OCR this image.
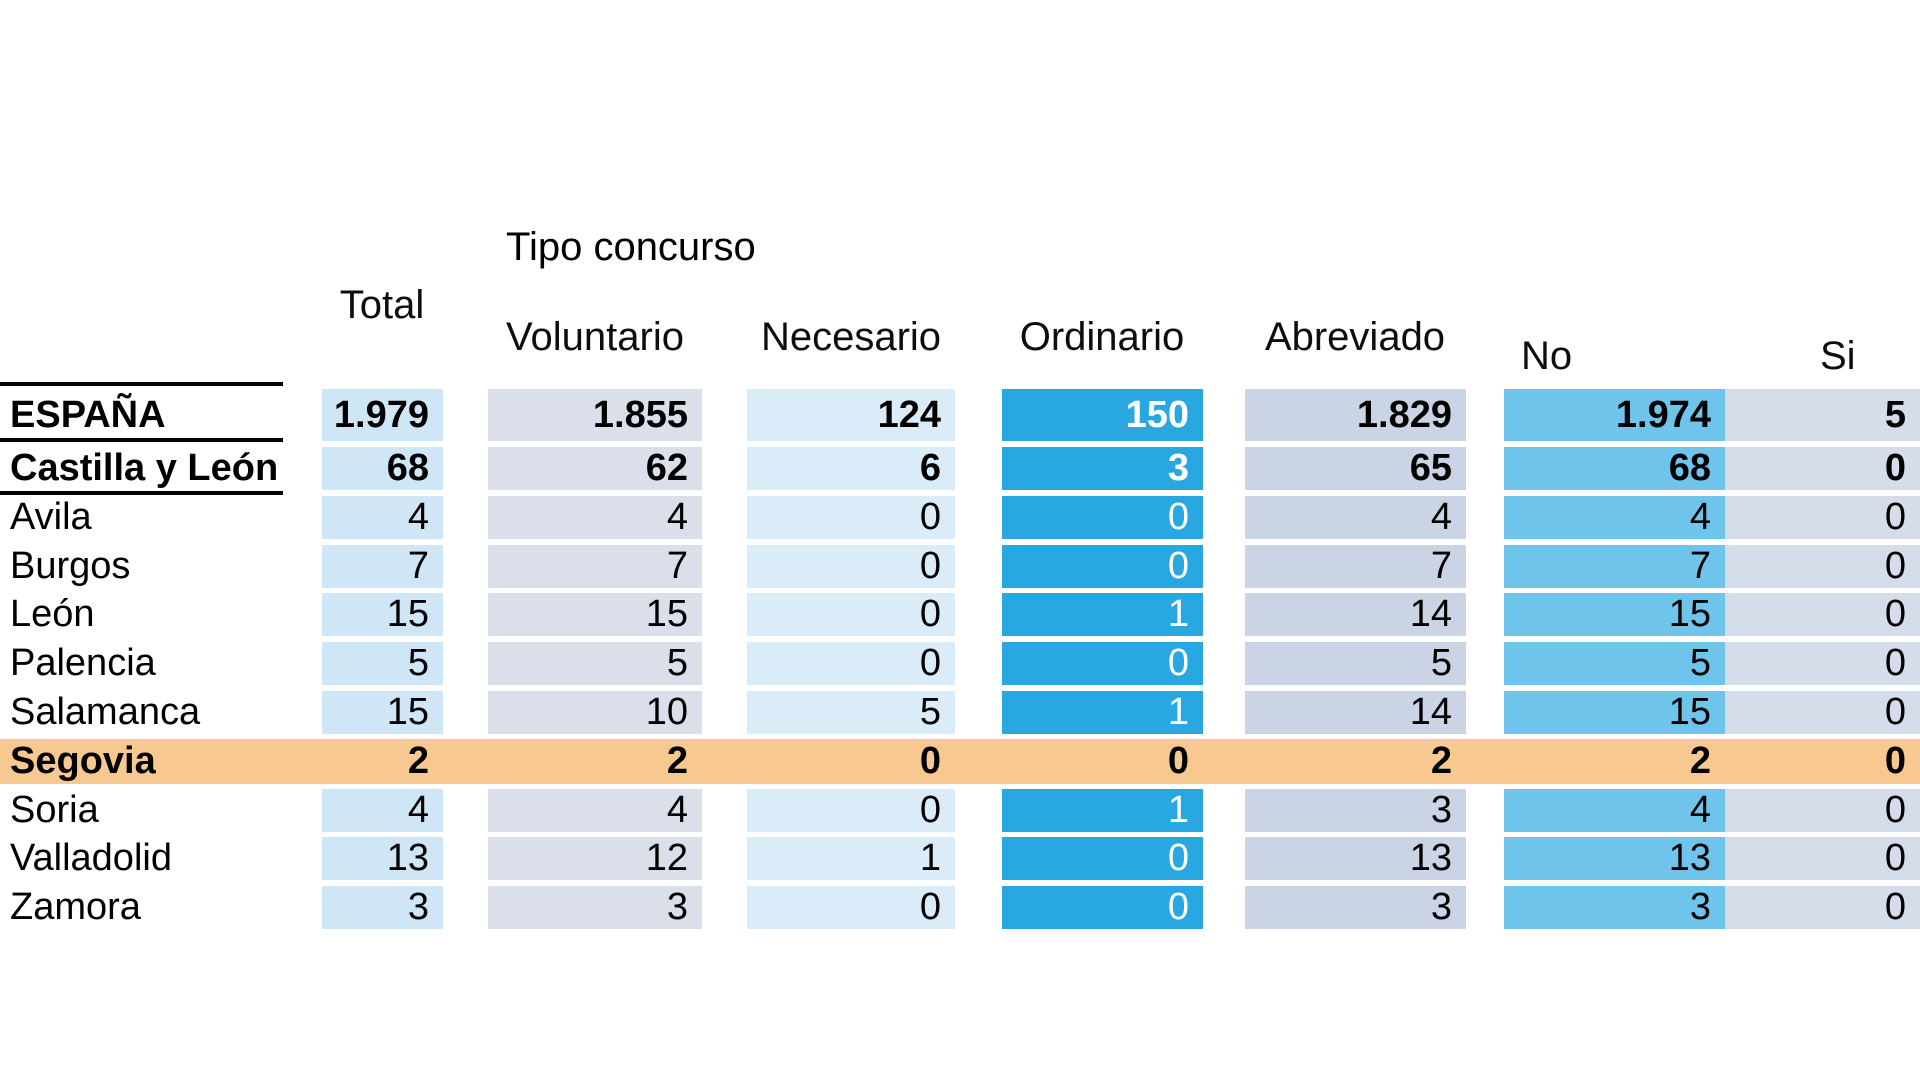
Tipo concurso	Clase de procedimiento
Propuesta anticipada
Total
Voluntario Necesario Ordinario Abreviado No	Si
ESPAÑA	1.979	1.855	124	150	1.829	1.974	5
Castilla y León	68	62	6	3	65	68	0
Avila	4	4	0	0	4	4	0
Burgos	7	7	0	0	7	7	0
León	15	15	0	1	14	15	0
Palencia	5	5	0	0	5	5	0
Salamanca	15	10	5	1	14	15	0
Segovia	2	2	0	0	2	2	0
Soria	4	4	0	1	3	4	0
Valladolid	13	12	1	0	13	13	0
Zamora	3	3	0	0	3	3	0
